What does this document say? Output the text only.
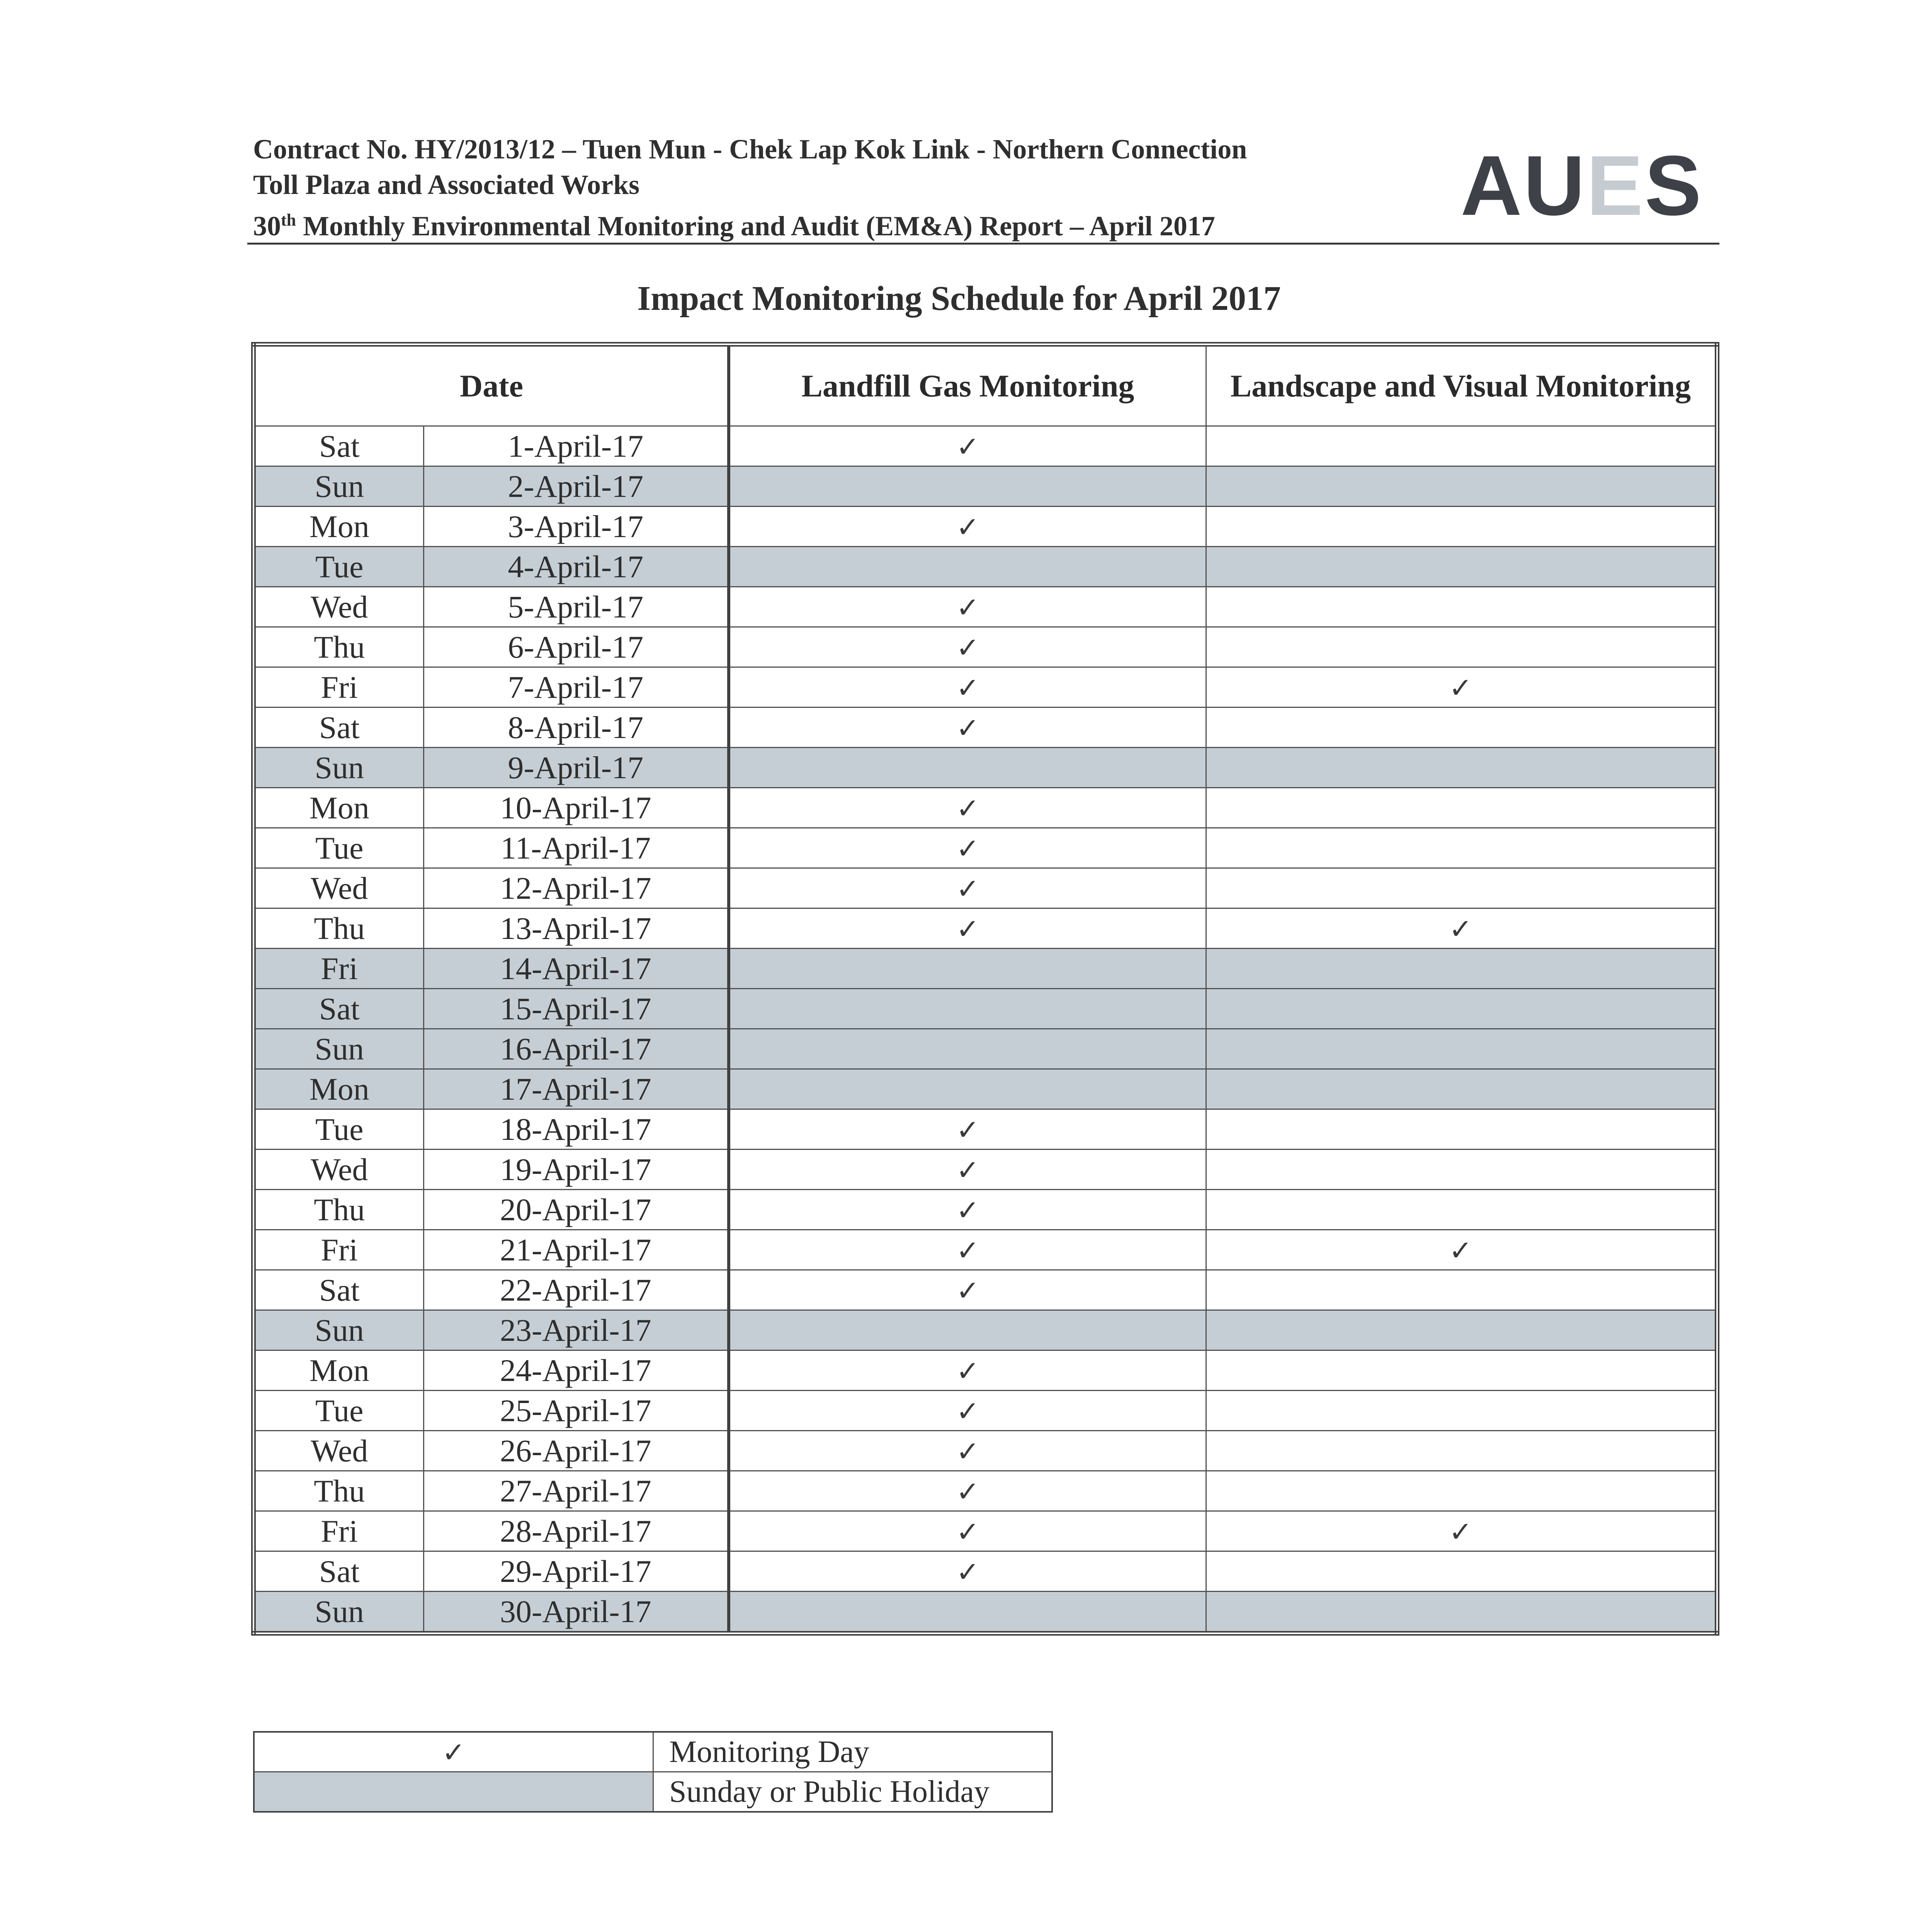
Contract No. HY/2013/12 – Tuen Mun - Chek Lap Kok Link - Northern Connection
Toll Plaza and Associated Works
30th Monthly Environmental Monitoring and Audit (EM&A) Report – April 2017	AUES
Impact Monitoring Schedule for April 2017
Date		Landfill Gas Monitoring	Landscape and Visual Monitoring
Sat	1-April-17	✓	
Sun	2-April-17		
Mon	3-April-17	✓	
Tue	4-April-17		
Wed	5-April-17	✓	
Thu	6-April-17	✓	
Fri	7-April-17	✓	✓
Sat	8-April-17	✓	
Sun	9-April-17		
Mon	10-April-17	✓	
Tue	11-April-17	✓	
Wed	12-April-17	✓	
Thu	13-April-17	✓	✓
Fri	14-April-17		
Sat	15-April-17		
Sun	16-April-17		
Mon	17-April-17		
Tue	18-April-17	✓	
Wed	19-April-17	✓	
Thu	20-April-17	✓	
Fri	21-April-17	✓	✓
Sat	22-April-17	✓	
Sun	23-April-17		
Mon	24-April-17	✓	
Tue	25-April-17	✓	
Wed	26-April-17	✓	
Thu	27-April-17	✓	
Fri	28-April-17	✓	✓
Sat	29-April-17	✓	
Sun	30-April-17		
✓	Monitoring Day
	Sunday or Public Holiday
